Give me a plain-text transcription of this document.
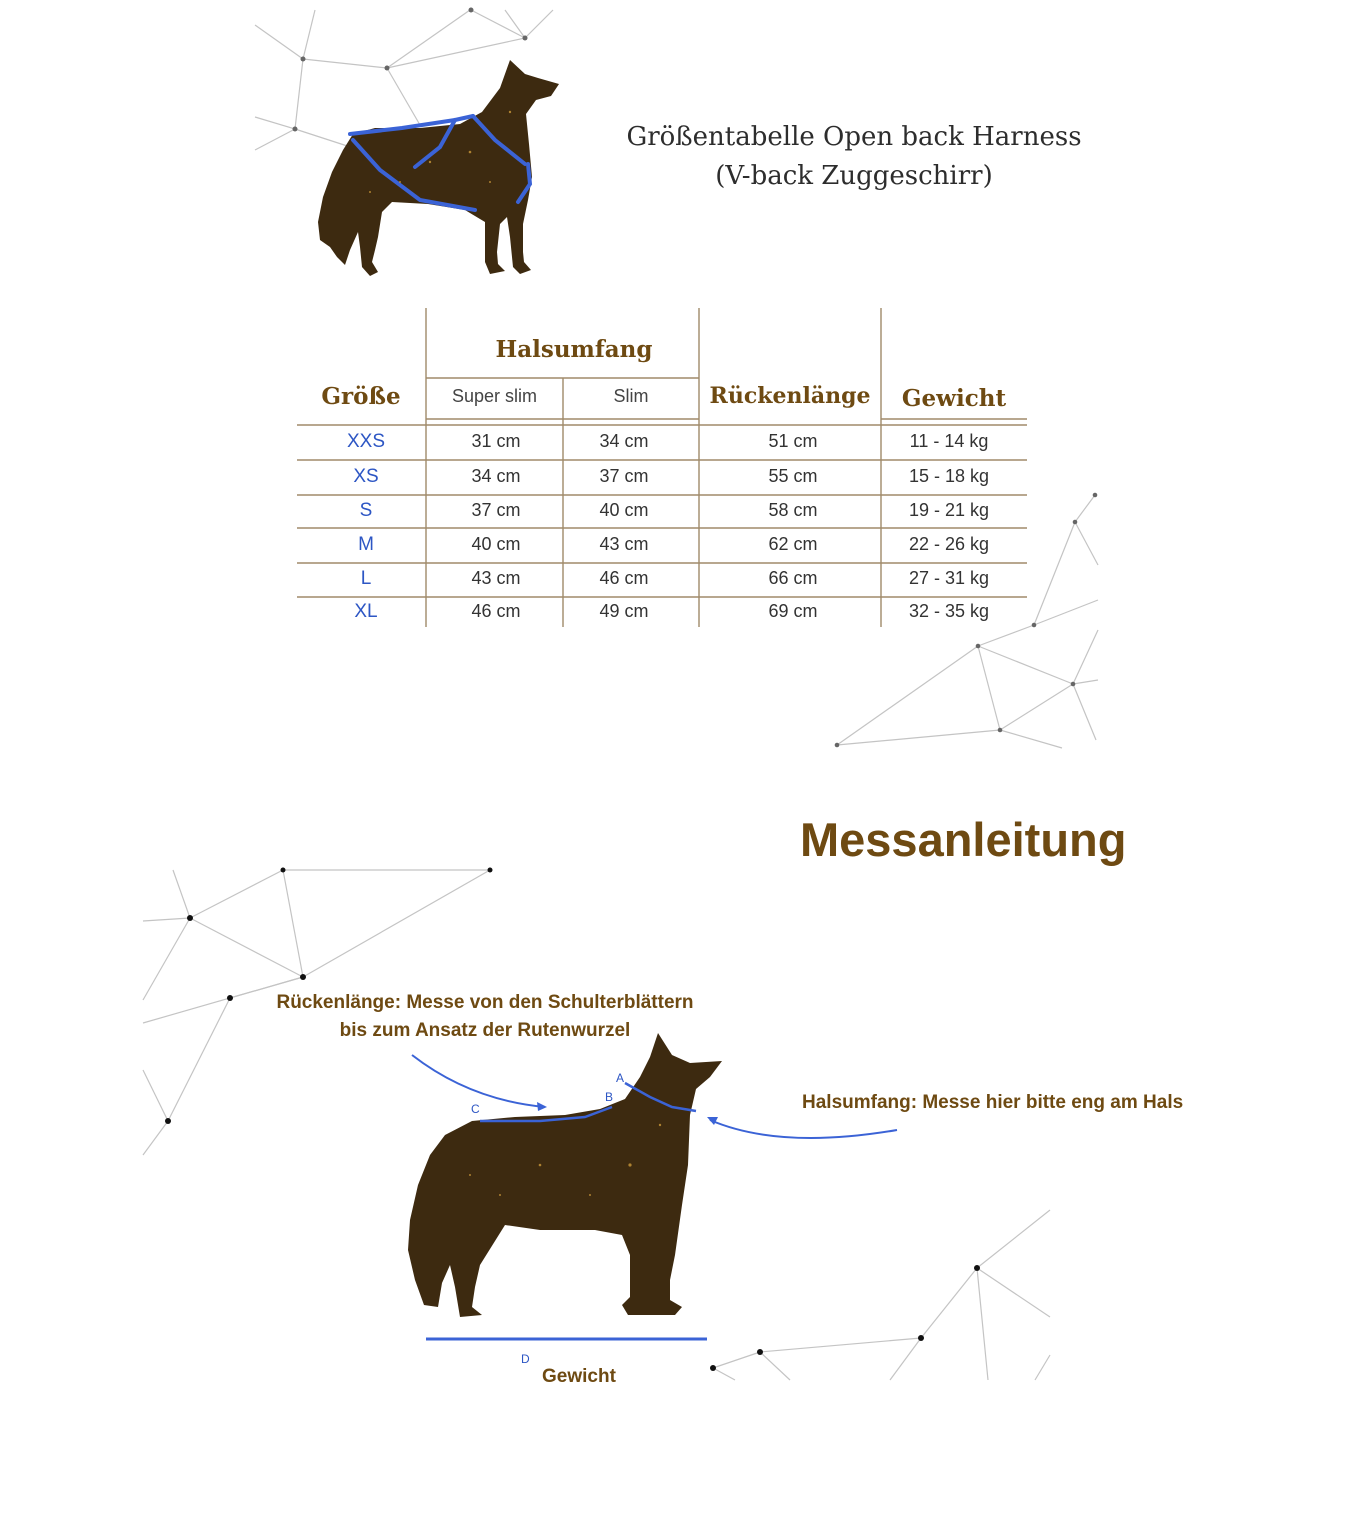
Größentabelle Open back Harness
(V-back Zuggeschirr)
Halsumfang
Größe	Rückenlänge	Gewicht
Super slim	Slim
XXS	31 cm	34 cm	51 cm	11 - 14 kg
XS	34 cm	37 cm	55 cm	15 - 18 kg
S	37 cm	40 cm	58 cm	19 - 21 kg
M	40 cm	43 cm	62 cm	22 - 26 kg
L	43 cm	46 cm	66 cm	27 - 31 kg
XL	46 cm	49 cm	69 cm	32 - 35 kg
Messanleitung
Rückenlänge: Messe von den Schulterblättern
bis zum Ansatz der Rutenwurzel
Halsumfang: Messe hier bitte eng am Hals
Gewicht
A
B
C
D
